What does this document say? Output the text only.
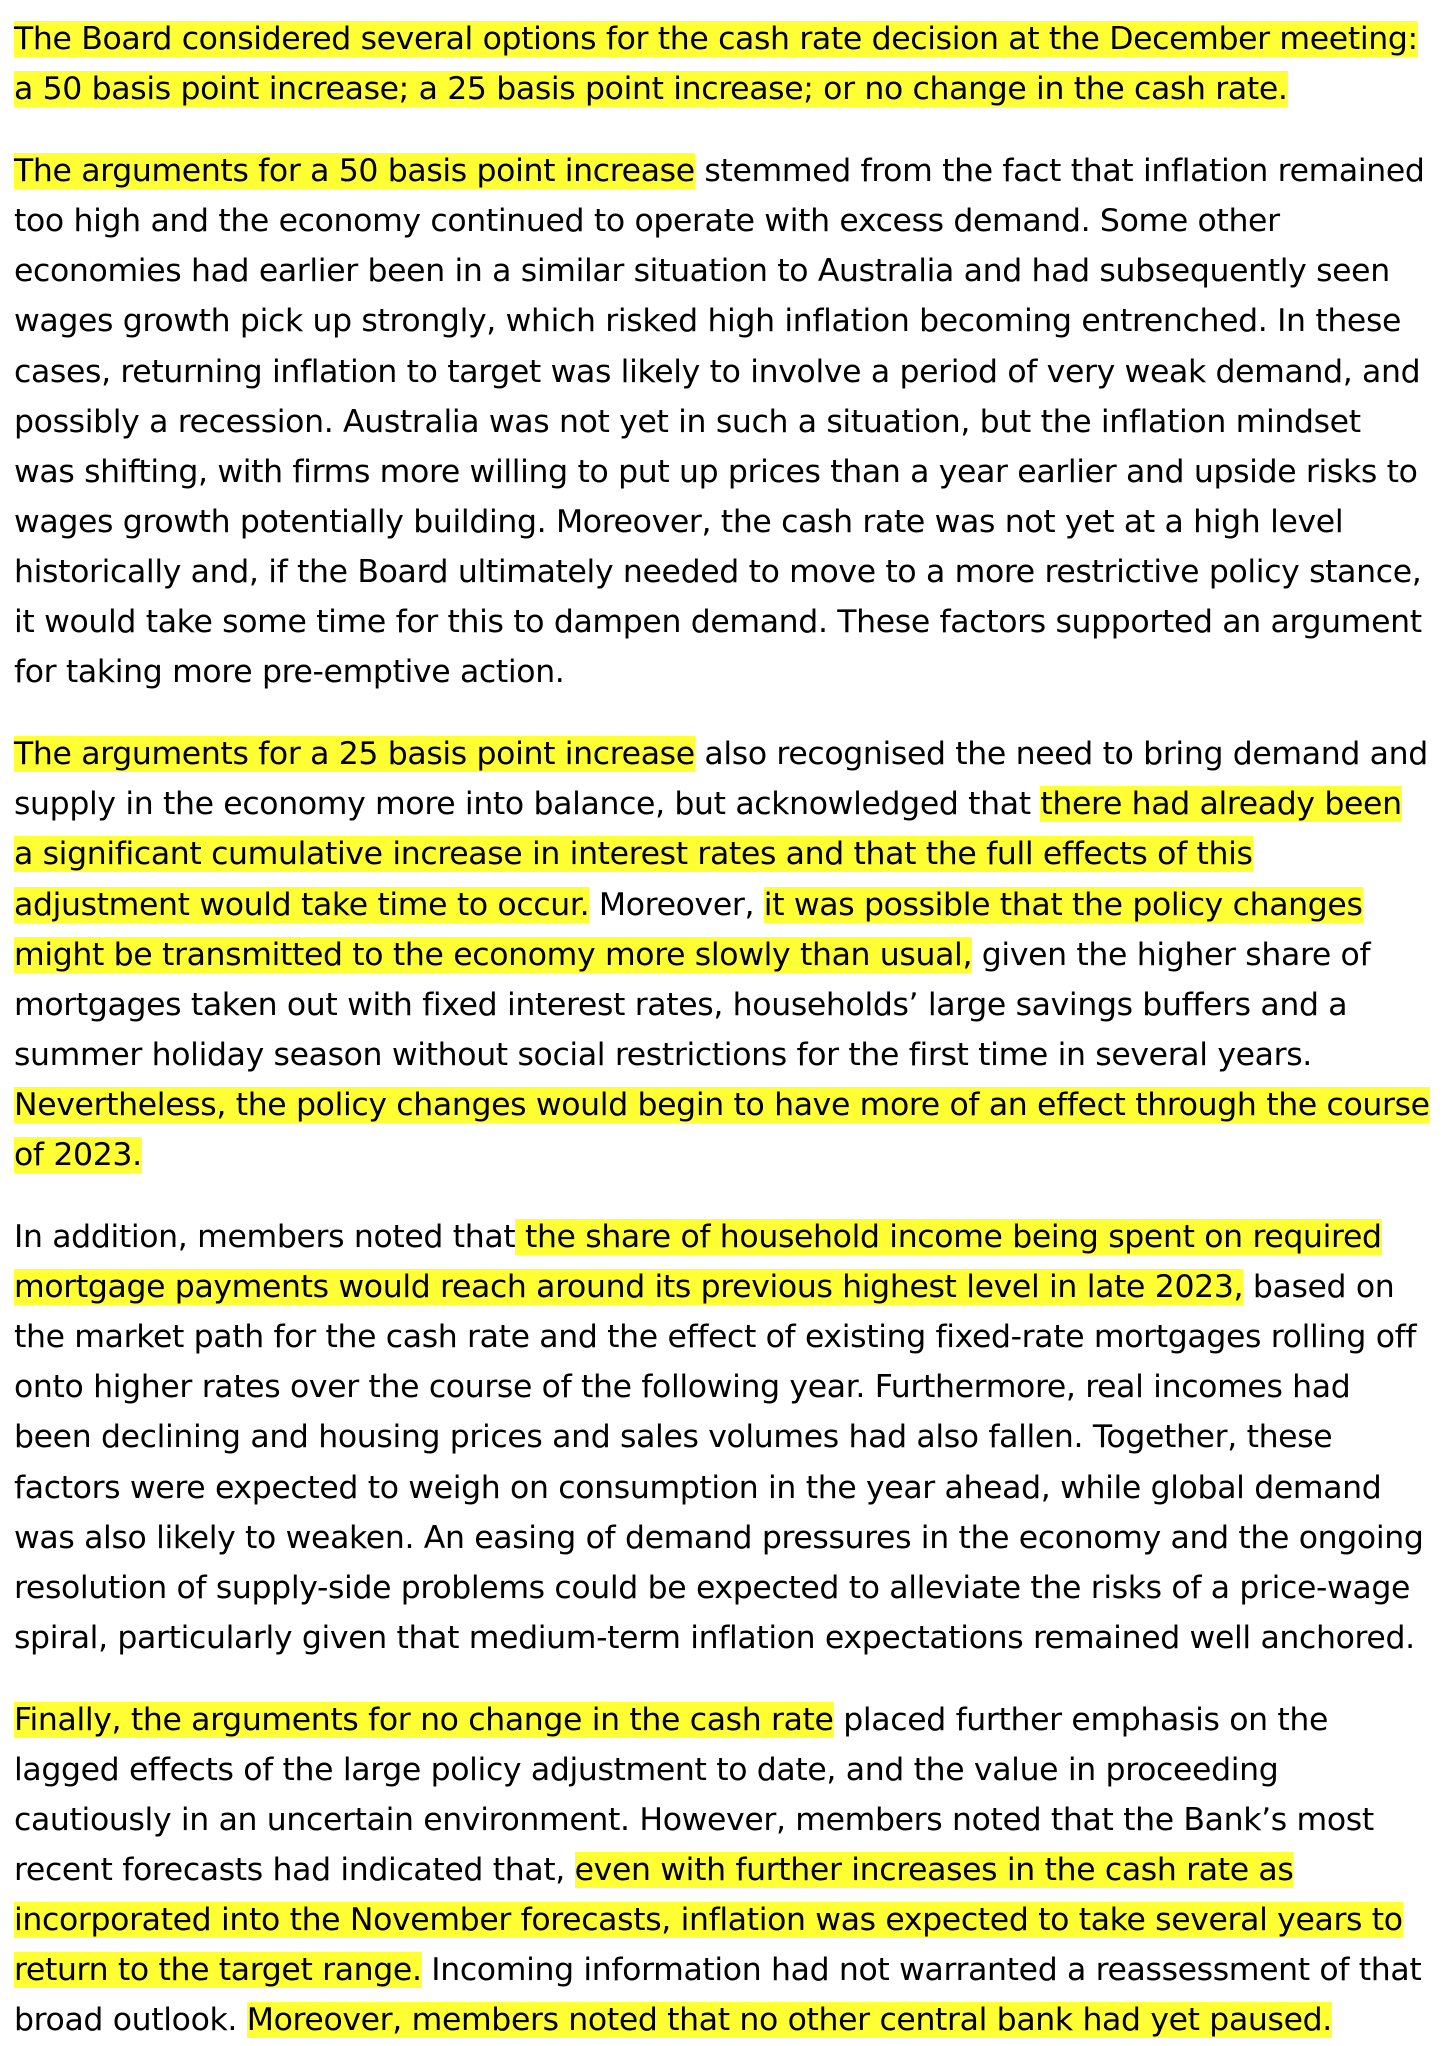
The Board considered several options for the cash rate decision at the December meeting: a 50 basis point increase; a 25 basis point increase; or no change in the cash rate.

The arguments for a 50 basis point increase stemmed from the fact that inflation remained too high and the economy continued to operate with excess demand. Some other economies had earlier been in a similar situation to Australia and had subsequently seen wages growth pick up strongly, which risked high inflation becoming entrenched. In these cases, returning inflation to target was likely to involve a period of very weak demand, and possibly a recession. Australia was not yet in such a situation, but the inflation mindset was shifting, with firms more willing to put up prices than a year earlier and upside risks to wages growth potentially building. Moreover, the cash rate was not yet at a high level historically and, if the Board ultimately needed to move to a more restrictive policy stance, it would take some time for this to dampen demand. These factors supported an argument for taking more pre-emptive action.

The arguments for a 25 basis point increase also recognised the need to bring demand and supply in the economy more into balance, but acknowledged that there had already been a significant cumulative increase in interest rates and that the full effects of this adjustment would take time to occur. Moreover, it was possible that the policy changes might be transmitted to the economy more slowly than usual, given the higher share of mortgages taken out with fixed interest rates, households’ large savings buffers and a summer holiday season without social restrictions for the first time in several years. Nevertheless, the policy changes would begin to have more of an effect through the course of 2023.

In addition, members noted that the share of household income being spent on required mortgage payments would reach around its previous highest level in late 2023, based on the market path for the cash rate and the effect of existing fixed-rate mortgages rolling off onto higher rates over the course of the following year. Furthermore, real incomes had been declining and housing prices and sales volumes had also fallen. Together, these factors were expected to weigh on consumption in the year ahead, while global demand was also likely to weaken. An easing of demand pressures in the economy and the ongoing resolution of supply-side problems could be expected to alleviate the risks of a price-wage spiral, particularly given that medium-term inflation expectations remained well anchored.

Finally, the arguments for no change in the cash rate placed further emphasis on the lagged effects of the large policy adjustment to date, and the value in proceeding cautiously in an uncertain environment. However, members noted that the Bank’s most recent forecasts had indicated that, even with further increases in the cash rate as incorporated into the November forecasts, inflation was expected to take several years to return to the target range. Incoming information had not warranted a reassessment of that broad outlook. Moreover, members noted that no other central bank had yet paused.
